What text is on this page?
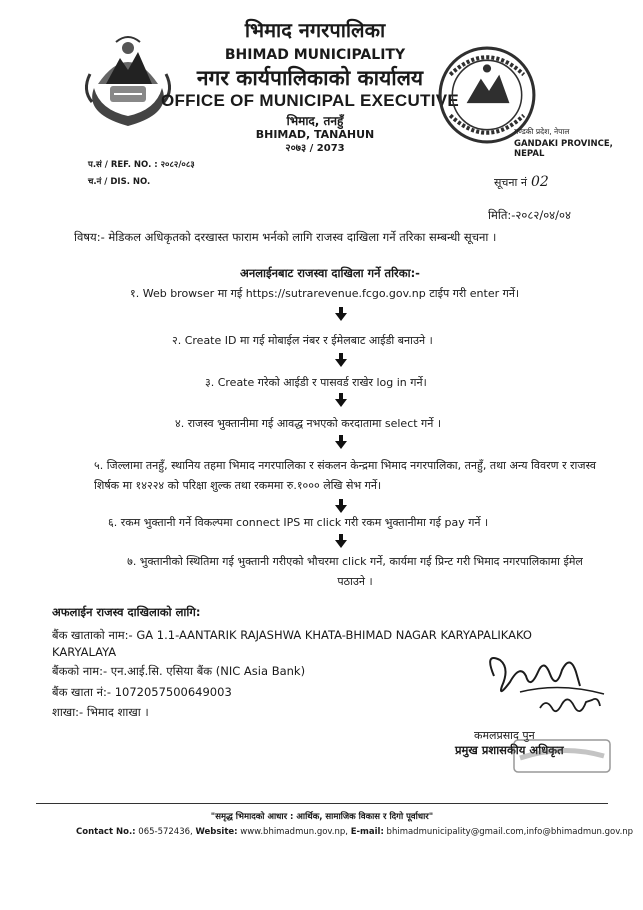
भिमाद नगरपालिका
BHIMAD MUNICIPALITY
नगर कार्यपालिकाको कार्यालय
OFFICE OF MUNICIPAL EXECUTIVE
भिमाद, तनहुँ
BHIMAD, TANAHUN
२०७३ / 2073
गण्डकी प्रदेश, नेपाल
GANDAKI PROVINCE, NEPAL
प.सं / REF. NO. : २०८२/०८३
च.नं / DIS. NO.	सूचना नं 02
मिति:-२०८२/०४/०४
विषय:- मेडिकल अधिकृतको दरखास्त फाराम भर्नको लागि राजस्व दाखिला गर्ने तरिका सम्बन्धी सूचना ।
अनलाईनबाट राजस्वा दाखिला गर्ने तरिका:-
१. Web browser मा गई https://sutrarevenue.fcgo.gov.np टाईप गरी enter गर्ने।
२. Create ID मा गई मोबाईल नंबर र ईमेलबाट आईडी बनाउने ।
३. Create गरेको आईडी र पासवर्ड राखेर log in गर्ने।
४. राजस्व भुक्तानीमा गई आवद्ध नभएको करदातामा select गर्ने ।
५. जिल्लामा तनहुँ, स्थानिय तहमा भिमाद नगरपालिका र संकलन केन्द्रमा भिमाद नगरपालिका, तनहुँ, तथा अन्य विवरण र राजस्व शिर्षक मा १४२२४ को परिक्षा शुल्क तथा रकममा रु.१००० लेखि सेभ गर्ने।
६. रकम भुक्तानी गर्ने विकल्पमा connect IPS मा click गरी रकम भुक्तानीमा गई pay गर्ने ।
७. भुक्तानीको स्थितिमा गई भुक्तानी गरीएको भौचरमा click गर्ने, कार्यमा गई प्रिन्ट गरी भिमाद नगरपालिकामा ईमेल पठाउने ।
अफलाईन राजस्व दाखिलाको लागि:
बैंक खाताको नाम:- GA 1.1-AANTARIK RAJASHWA KHATA-BHIMAD NAGAR KARYAPALIKAKO
KARYALAYA
बैंकको नाम:- एन.आई.सि. एसिया बैंक (NIC Asia Bank)
बैंक खाता नं:- 1072057500649003
शाखा:- भिमाद शाखा ।
कमलप्रसाद पुन
प्रमुख प्रशासकीय अधिकृत
"समृद्ध भिमादको आधार : आर्थिक, सामाजिक विकास र दिगो पूर्वाधार"
Contact No.: 065-572436, Website: www.bhimadmun.gov.np, E-mail: bhimadmunicipality@gmail.com,info@bhimadmun.gov.np
